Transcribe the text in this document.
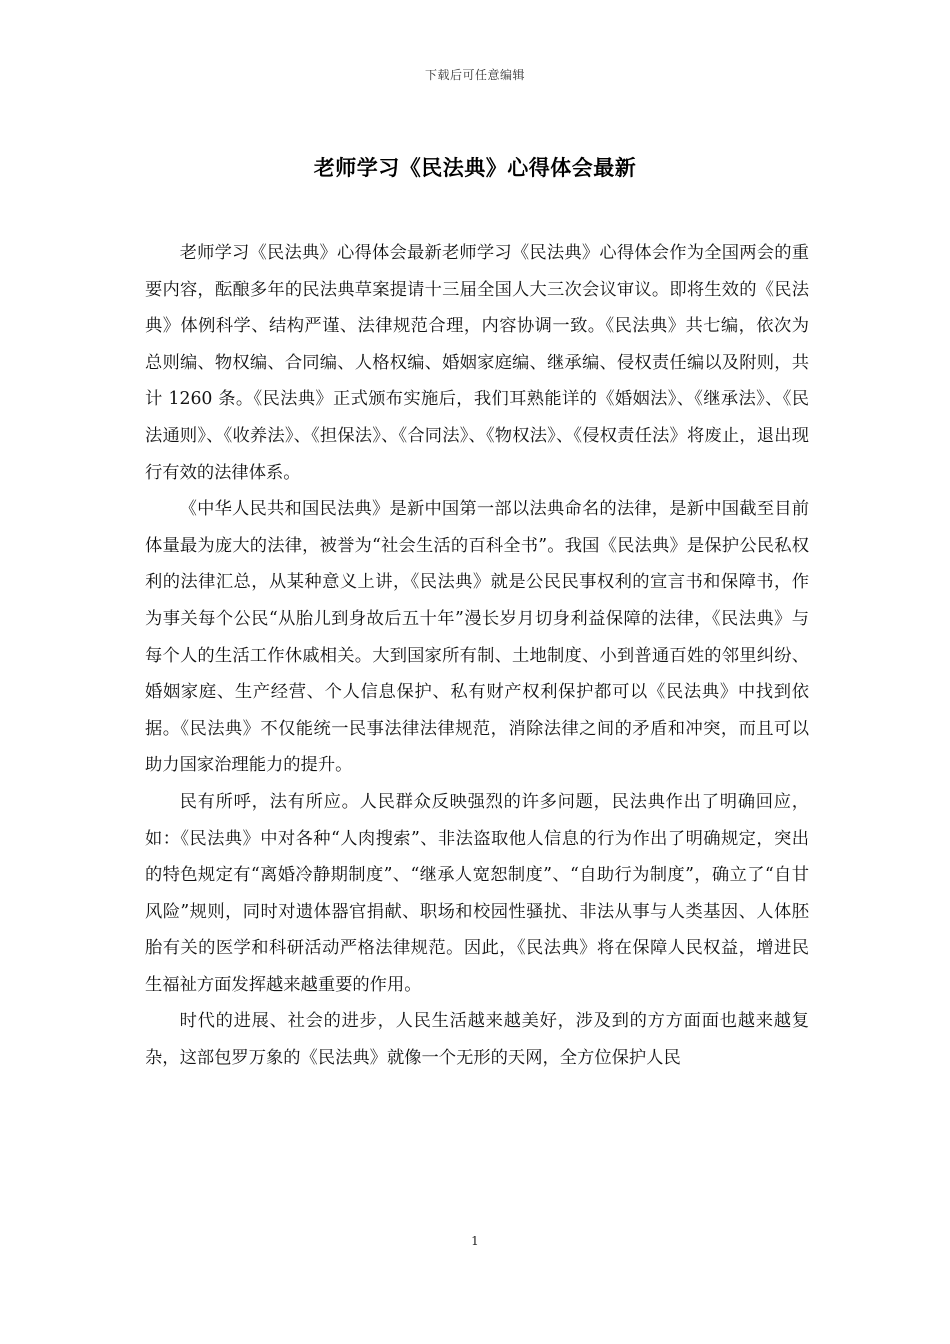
下载后可任意编辑
老师学习《民法典》心得体会最新

老师学习《民法典》心得体会最新老师学习《民法典》心得体会作为全国两会的重要内容，酝酿多年的民法典草案提请十三届全国人大三次会议审议。即将生效的《民法典》体例科学、结构严谨、法律规范合理，内容协调一致。《民法典》共七编，依次为总则编、物权编、合同编、人格权编、婚姻家庭编、继承编、侵权责任编以及附则，共计 1260 条。《民法典》正式颁布实施后，我们耳熟能详的《婚姻法》、《继承法》、《民法通则》、《收养法》、《担保法》、《合同法》、《物权法》、《侵权责任法》将废止，退出现行有效的法律体系。

《中华人民共和国民法典》是新中国第一部以法典命名的法律，是新中国截至目前体量最为庞大的法律，被誉为“社会生活的百科全书”。我国《民法典》是保护公民私权利的法律汇总，从某种意义上讲，《民法典》就是公民民事权利的宣言书和保障书，作为事关每个公民“从胎儿到身故后五十年”漫长岁月切身利益保障的法律，《民法典》与每个人的生活工作休戚相关。大到国家所有制、土地制度、小到普通百姓的邻里纠纷、婚姻家庭、生产经营、个人信息保护、私有财产权利保护都可以《民法典》中找到依据。《民法典》不仅能统一民事法律法律规范，消除法律之间的矛盾和冲突，而且可以助力国家治理能力的提升。

民有所呼，法有所应。人民群众反映强烈的许多问题，民法典作出了明确回应，如：《民法典》中对各种“人肉搜索”、非法盗取他人信息的行为作出了明确规定，突出的特色规定有“离婚冷静期制度”、“继承人宽恕制度”、“自助行为制度”，确立了“自甘风险”规则，同时对遗体器官捐献、职场和校园性骚扰、非法从事与人类基因、人体胚胎有关的医学和科研活动严格法律规范。因此，《民法典》将在保障人民权益，增进民生福祉方面发挥越来越重要的作用。

时代的进展、社会的进步，人民生活越来越美好，涉及到的方方面面也越来越复杂，这部包罗万象的《民法典》就像一个无形的天网，全方位保护人民

1
